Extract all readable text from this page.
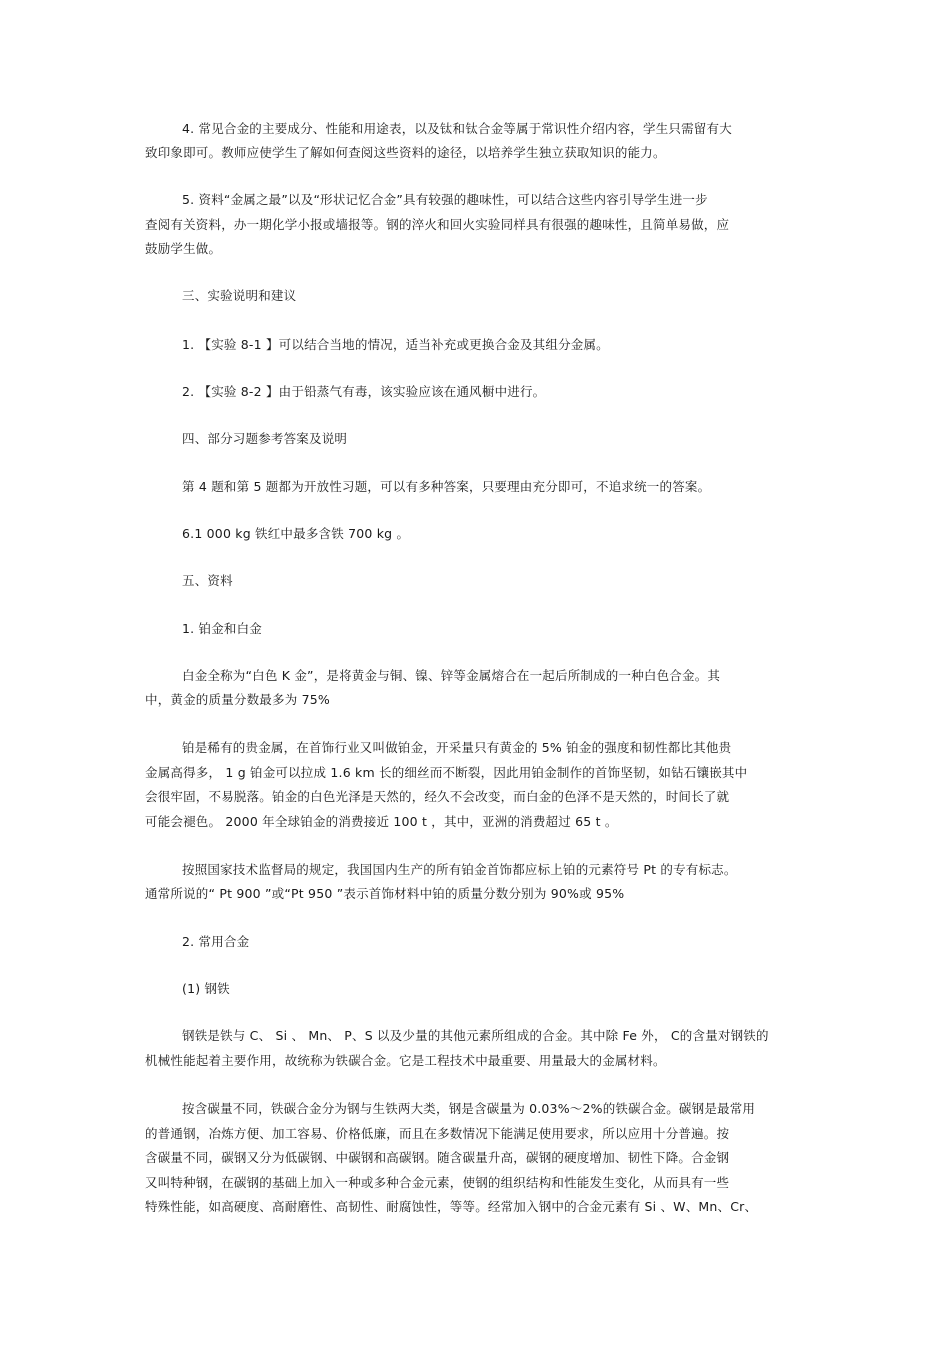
4. 常见合金的主要成分、性能和用途表，以及钛和钛合金等属于常识性介绍内容，学生只需留有大

致印象即可。教师应使学生了解如何查阅这些资料的途径，以培养学生独立获取知识的能力。

5. 资料“金属之最”以及“形状记忆合金”具有较强的趣味性，可以结合这些内容引导学生进一步

查阅有关资料，办一期化学小报或墙报等。钢的淬火和回火实验同样具有很强的趣味性，且简单易做，应

鼓励学生做。

三、实验说明和建议

1. 【实验 8-1 】可以结合当地的情况，适当补充或更换合金及其组分金属。

2. 【实验 8-2 】由于铅蒸气有毒，该实验应该在通风橱中进行。

四、部分习题参考答案及说明

第 4 题和第 5 题都为开放性习题，可以有多种答案，只要理由充分即可，不追求统一的答案。

6.1 000 kg 铁红中最多含铁 700 kg 。

五、资料

1. 铂金和白金

白金全称为“白色 K 金”，是将黄金与铜、镍、锌等金属熔合在一起后所制成的一种白色合金。其

中，黄金的质量分数最多为 75%

铂是稀有的贵金属，在首饰行业又叫做铂金，开采量只有黄金的 5% 铂金的强度和韧性都比其他贵

金属高得多， 1 g 铂金可以拉成 1.6 km 长的细丝而不断裂，因此用铂金制作的首饰坚韧，如钻石镶嵌其中

会很牢固，不易脱落。铂金的白色光泽是天然的，经久不会改变，而白金的色泽不是天然的，时间长了就

可能会褪色。 2000 年全球铂金的消费接近 100 t ，其中，亚洲的消费超过 65 t 。

按照国家技术监督局的规定，我国国内生产的所有铂金首饰都应标上铂的元素符号 Pt 的专有标志。

通常所说的“ Pt 900 ”或“Pt 950 ”表示首饰材料中铂的质量分数分别为 90%或 95%

2. 常用合金

(1) 钢铁

钢铁是铁与 C、 Si 、 Mn、 P、S 以及少量的其他元素所组成的合金。其中除 Fe 外， C的含量对钢铁的

机械性能起着主要作用，故统称为铁碳合金。它是工程技术中最重要、用量最大的金属材料。

按含碳量不同，铁碳合金分为钢与生铁两大类，钢是含碳量为 0.03%～2%的铁碳合金。碳钢是最常用

的普通钢，冶炼方便、加工容易、价格低廉，而且在多数情况下能满足使用要求，所以应用十分普遍。按

含碳量不同，碳钢又分为低碳钢、中碳钢和高碳钢。随含碳量升高，碳钢的硬度增加、韧性下降。合金钢

又叫特种钢，在碳钢的基础上加入一种或多种合金元素，使钢的组织结构和性能发生变化，从而具有一些

特殊性能，如高硬度、高耐磨性、高韧性、耐腐蚀性，等等。经常加入钢中的合金元素有 Si 、W、Mn、Cr、
